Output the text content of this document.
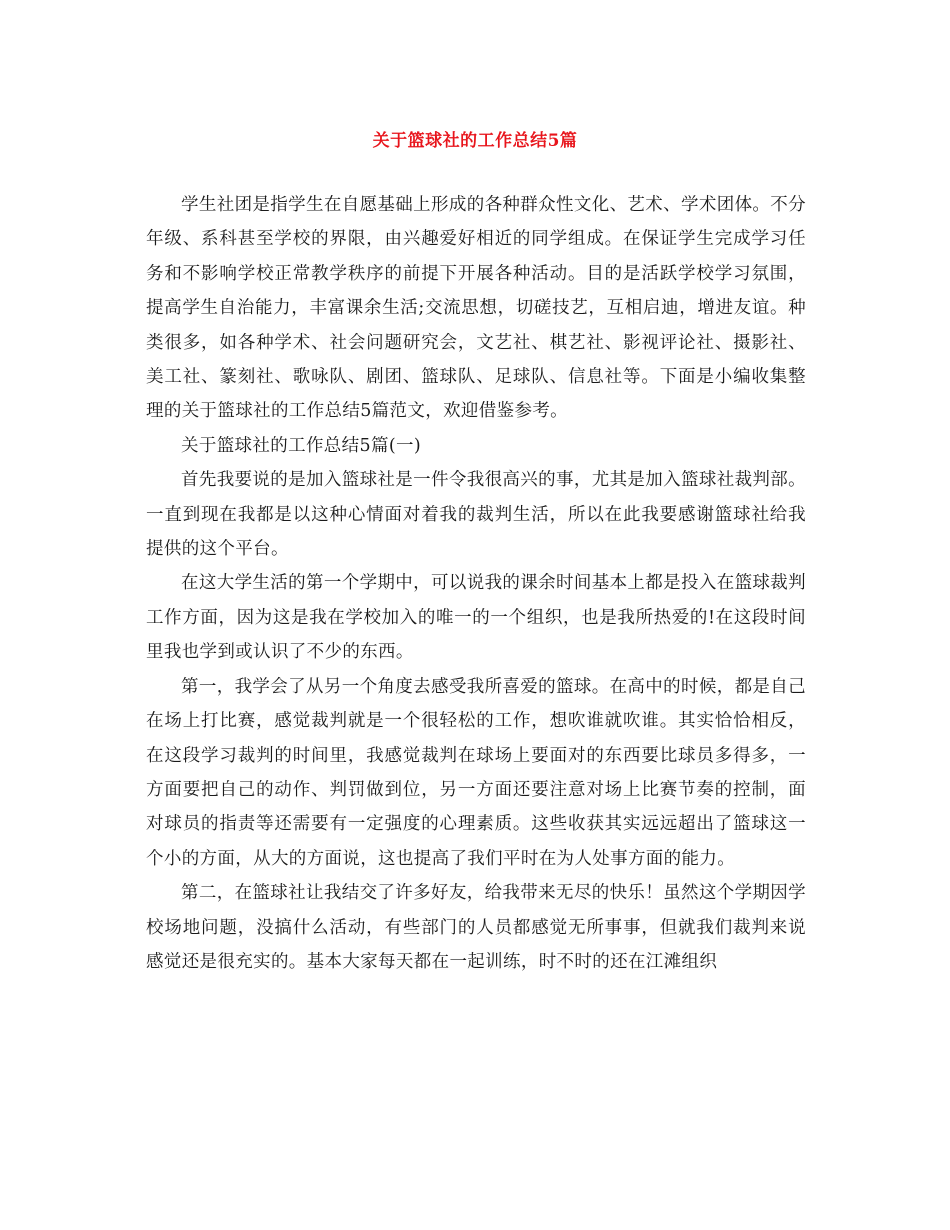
关于篮球社的工作总结5篇

学生社团是指学生在自愿基础上形成的各种群众性文化、艺术、学术团体。不分年级、系科甚至学校的界限，由兴趣爱好相近的同学组成。在保证学生完成学习任务和不影响学校正常教学秩序的前提下开展各种活动。目的是活跃学校学习氛围，提高学生自治能力，丰富课余生活;交流思想，切磋技艺，互相启迪，增进友谊。种类很多，如各种学术、社会问题研究会，文艺社、棋艺社、影视评论社、摄影社、美工社、篆刻社、歌咏队、剧团、篮球队、足球队、信息社等。下面是小编收集整理的关于篮球社的工作总结5篇范文，欢迎借鉴参考。

关于篮球社的工作总结5篇(一)

首先我要说的是加入篮球社是一件令我很高兴的事，尤其是加入篮球社裁判部。一直到现在我都是以这种心情面对着我的裁判生活，所以在此我要感谢篮球社给我提供的这个平台。

在这大学生活的第一个学期中，可以说我的课余时间基本上都是投入在篮球裁判工作方面，因为这是我在学校加入的唯一的一个组织，也是我所热爱的!在这段时间里我也学到或认识了不少的东西。

第一，我学会了从另一个角度去感受我所喜爱的篮球。在高中的时候，都是自己在场上打比赛，感觉裁判就是一个很轻松的工作，想吹谁就吹谁。其实恰恰相反，在这段学习裁判的时间里，我感觉裁判在球场上要面对的东西要比球员多得多，一方面要把自己的动作、判罚做到位，另一方面还要注意对场上比赛节奏的控制，面对球员的指责等还需要有一定强度的心理素质。这些收获其实远远超出了篮球这一个小的方面，从大的方面说，这也提高了我们平时在为人处事方面的能力。

第二，在篮球社让我结交了许多好友，给我带来无尽的快乐！虽然这个学期因学校场地问题，没搞什么活动，有些部门的人员都感觉无所事事，但就我们裁判来说感觉还是很充实的。基本大家每天都在一起训练，时不时的还在江滩组织
